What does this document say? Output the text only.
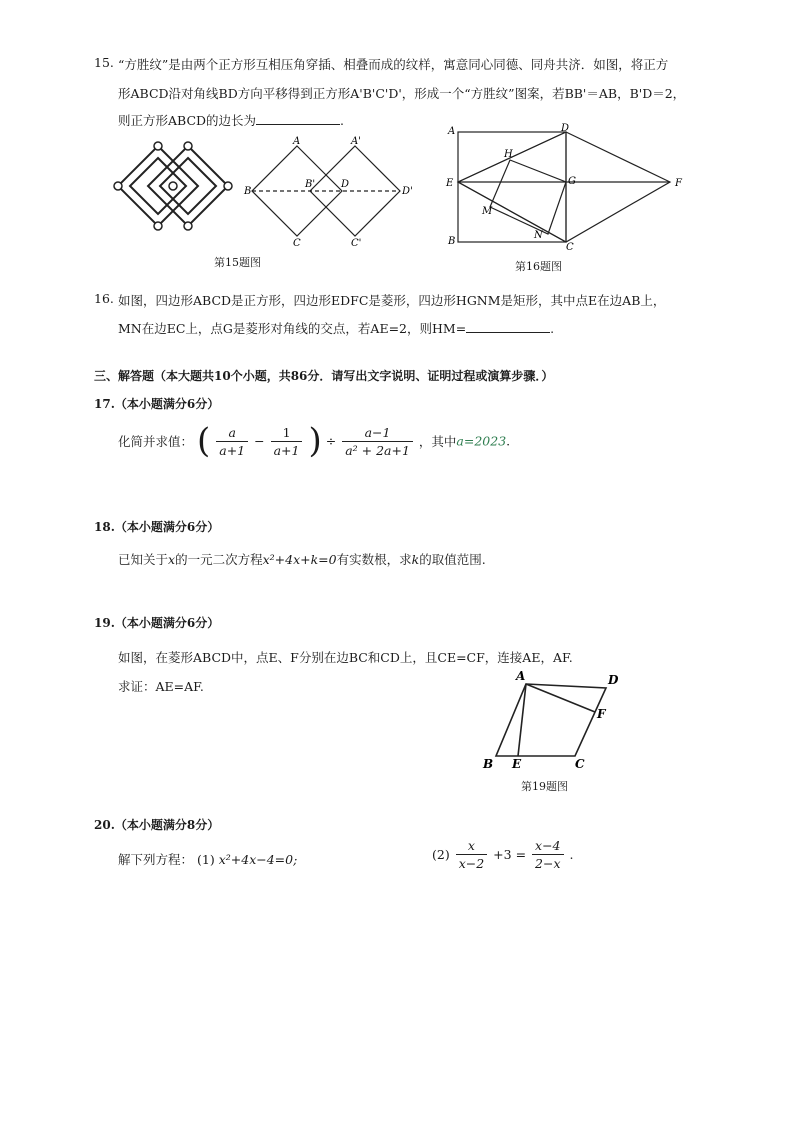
15. “方胜纹”是由两个正方形互相压角穿插、相叠而成的纹样，寓意同心同德、同舟共济．如图，将正方
形ABCD沿对角线BD方向平移得到正方形A'B'C'D'，形成一个“方胜纹”图案，若BB'＝AB，B'D＝2，
则正方形ABCD的边长为	.
A	A'
B
B'	D
D'
C	C'
第15题图
A	D
H
E	G	F
M
N
B
C
第16题图
16. 如图，四边形ABCD是正方形，四边形EDFC是菱形，四边形HGNM是矩形，其中点E在边AB上，
MN在边EC上，点G是菱形对角线的交点，若AE=2，则HM=	.
三、解答题（本大题共10个小题，共86分．请写出文字说明、证明过程或演算步骤．）
17.（本小题满分6分）
化简并求值： ( $\frac{a}{a+1} - \frac{1}{a+1}$ ) ÷ $\frac{a-1}{\text{a² + 2a+1}}$ ，其中a=2023.
18.（本小题满分6分）
已知关于x的一元二次方程x²+4x+k=0有实数根，求k的取值范围.
19.（本小题满分6分）
如图，在菱形ABCD中，点E、F分别在边BC和CD上，且CE=CF，连接AE，AF.
求证：AE=AF.
A	D
F
B E	C
第19题图
20.（本小题满分8分）
解下列方程： (1) x²+4x−4=0;	$(2) \frac{x}{x-2} +3 = \frac{x-4}{2-x}$ .
